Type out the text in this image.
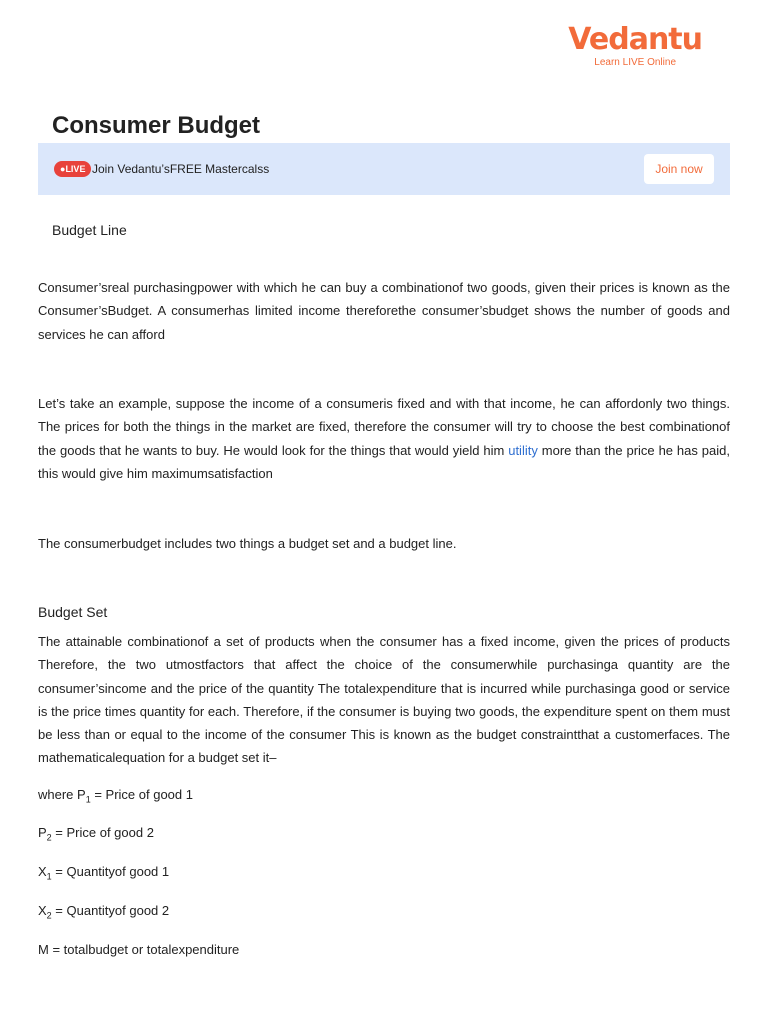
Vedantu
Learn LIVE Online
Consumer Budget
●LIVE Join Vedantu’sFREE Mastercalss	Join now
Budget Line

Consumer’sreal purchasingpower with which he can buy a combinationof two goods, given their prices is known as the Consumer’sBudget. A consumerhas limited income thereforethe consumer’sbudget shows the number of goods and services he can afford

Let’s take an example, suppose the income of a consumeris fixed and with that income, he can affordonly two things. The prices for both the things in the market are fixed, therefore the consumer will try to choose the best combinationof the goods that he wants to buy. He would look for the things that would yield him utility more than the price he has paid, this would give him maximumsatisfaction

The consumerbudget includes two things a budget set and a budget line.

Budget Set

The attainable combinationof a set of products when the consumer has a fixed income, given the prices of products Therefore, the two utmostfactors that affect the choice of the consumerwhile purchasinga quantity are the consumer’sincome and the price of the quantity The totalexpenditure that is incurred while purchasinga good or service is the price times quantity for each. Therefore, if the consumer is buying two goods, the expenditure spent on them must be less than or equal to the income of the consumer This is known as the budget constraintthat a customerfaces. The mathematicalequation for a budget set it–

where $P_1$ = Price of good 1

$P_2$ = Price of good 2

$X_1$ = Quantityof good 1

$X_2$ = Quantityof good 2

M = totalbudget or totalexpenditure
